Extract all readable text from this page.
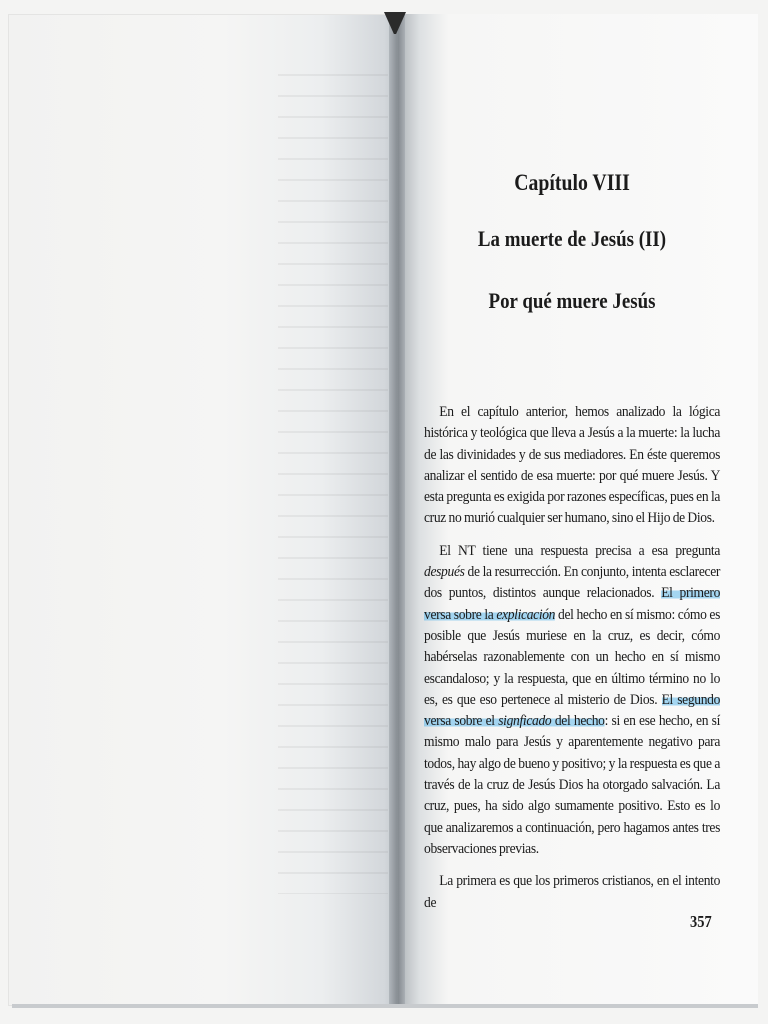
Capítulo VIII

La muerte de Jesús (II)

Por qué muere Jesús

En el capítulo anterior, hemos analizado la lógica histórica y teológica que lleva a Jesús a la muerte: la lucha de las divinidades y de sus mediadores. En éste queremos analizar el sentido de esa muerte: por qué muere Jesús. Y esta pregunta es exigida por razones específicas, pues en la cruz no murió cualquier ser humano, sino el Hijo de Dios.

El NT tiene una respuesta precisa a esa pregunta después de la resurrección. En conjunto, intenta esclarecer dos puntos, distintos aunque relacionados. El primero versa sobre la explicación del hecho en sí mismo: cómo es posible que Jesús muriese en la cruz, es decir, cómo habérselas razonablemente con un hecho en sí mismo escandaloso; y la respuesta, que en último término no lo es, es que eso pertenece al misterio de Dios. El segundo versa sobre el signficado del hecho: si en ese hecho, en sí mismo malo para Jesús y aparentemente negativo para todos, hay algo de bueno y positivo; y la respuesta es que a través de la cruz de Jesús Dios ha otorgado salvación. La cruz, pues, ha sido algo sumamente positivo. Esto es lo que analizaremos a continuación, pero hagamos antes tres observaciones previas.

La primera es que los primeros cristianos, en el intento de

357
